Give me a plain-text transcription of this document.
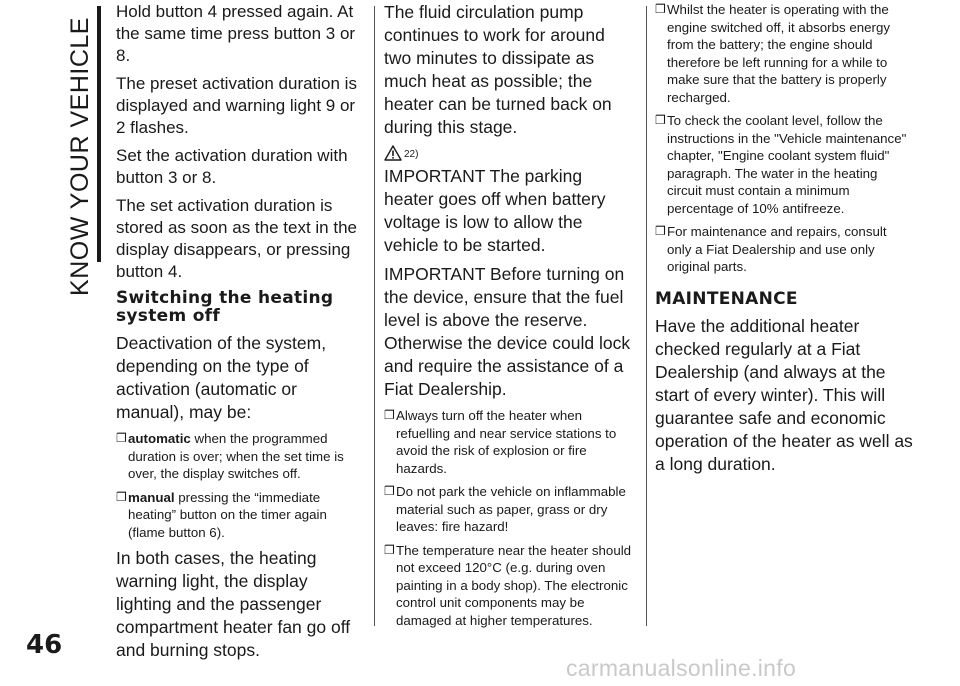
KNOW YOUR VEHICLE
46

Hold button 4 pressed again. At the same time press button 3 or 8.

The preset activation duration is displayed and warning light 9 or 2 flashes.

Set the activation duration with button 3 or 8.

The set activation duration is stored as soon as the text in the display disappears, or pressing button 4.

Switching the heating system off

Deactivation of the system, depending on the type of activation (automatic or manual), may be:

❒ automatic when the programmed duration is over; when the set time is over, the display switches off.
❒ manual pressing the “immediate heating” button on the timer again (flame button 6).

In both cases, the heating warning light, the display lighting and the passenger compartment heater fan go off and burning stops.

The fluid circulation pump continues to work for around two minutes to dissipate as much heat as possible; the heater can be turned back on during this stage.

22)

IMPORTANT The parking heater goes off when battery voltage is low to allow the vehicle to be started.

IMPORTANT Before turning on the device, ensure that the fuel level is above the reserve. Otherwise the device could lock and require the assistance of a Fiat Dealership.

❒ Always turn off the heater when refuelling and near service stations to avoid the risk of explosion or fire hazards.
❒ Do not park the vehicle on inflammable material such as paper, grass or dry leaves: fire hazard!
❒ The temperature near the heater should not exceed 120°C (e.g. during oven painting in a body shop). The electronic control unit components may be damaged at higher temperatures.
❒ Whilst the heater is operating with the engine switched off, it absorbs energy from the battery; the engine should therefore be left running for a while to make sure that the battery is properly recharged.
❒ To check the coolant level, follow the instructions in the "Vehicle maintenance" chapter, "Engine coolant system fluid" paragraph. The water in the heating circuit must contain a minimum percentage of 10% antifreeze.
❒ For maintenance and repairs, consult only a Fiat Dealership and use only original parts.
MAINTENANCE

Have the additional heater checked regularly at a Fiat Dealership (and always at the start of every winter). This will guarantee safe and economic operation of the heater as well as a long duration.

carmanualsonline.info
